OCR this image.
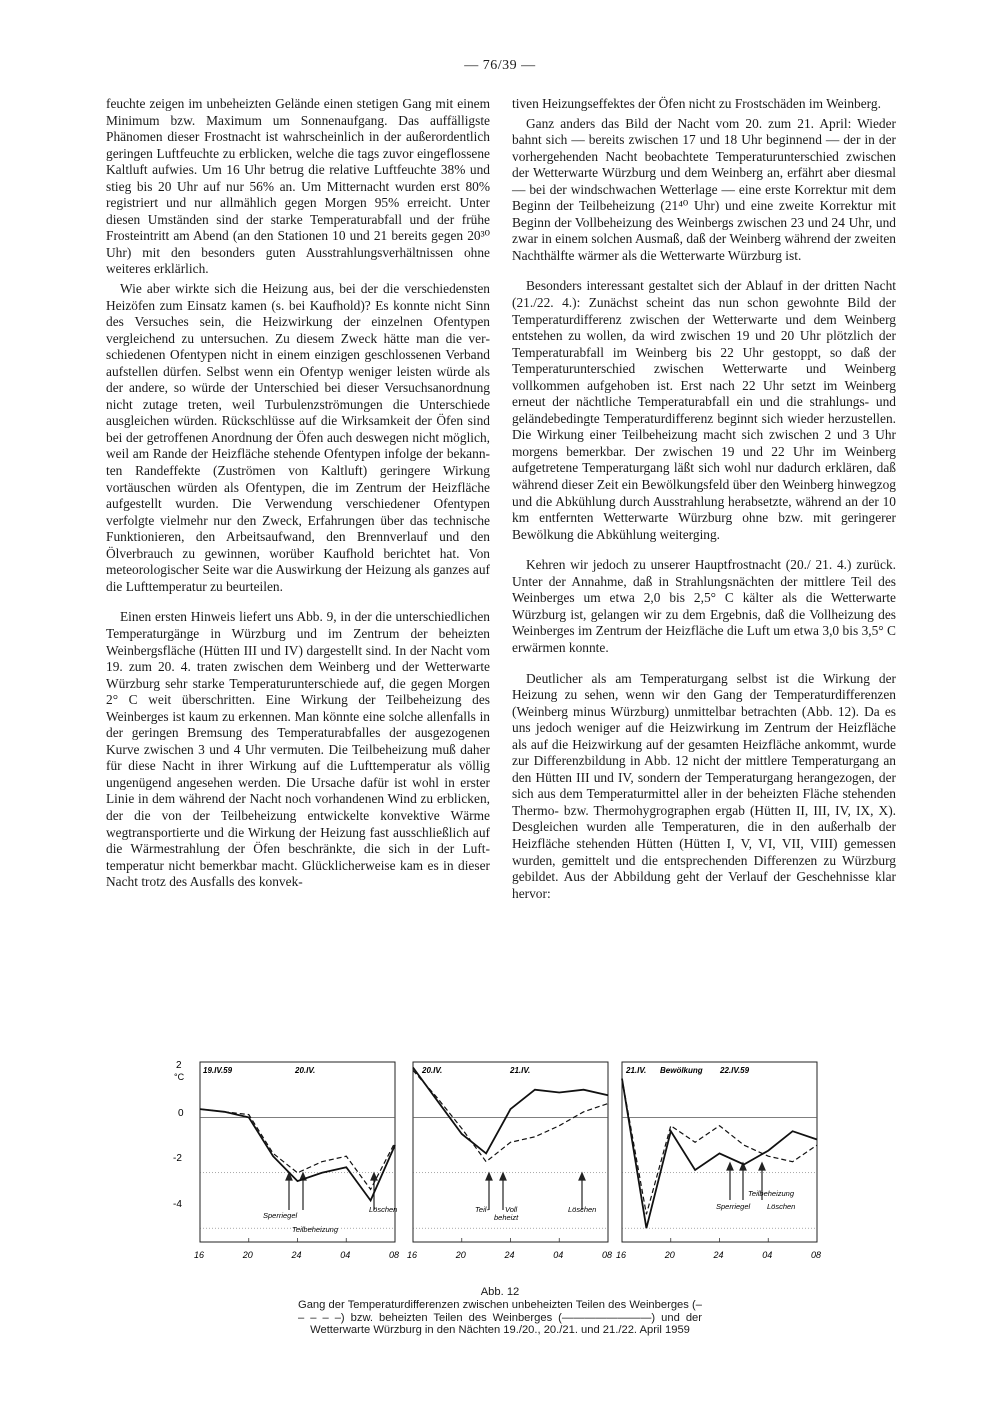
— 76/39 —

feuchte zeigen im unbeheizten Gelände einen stetigen Gang mit einem Minimum bzw. Maximum um Sonnenaufgang. Das auffälligste Phänomen dieser Frostnacht ist wahrscheinlich in der außerordentlich geringen Luftfeuchte zu erblicken, welche die tags zuvor eingeflossene Kaltluft aufwies. Um 16 Uhr betrug die relative Luftfeuchte 38% und stieg bis 20 Uhr auf nur 56% an. Um Mitternacht wurden erst 80% registriert und nur allmählich gegen Morgen 95% erreicht. Unter diesen Umständen sind der starke Temperaturabfall und der frühe Frosteintritt am Abend (an den Stationen 10 und 21 bereits gegen 20³⁰ Uhr) mit den besonders guten Ausstrahlungsverhältnissen ohne weiteres erklärlich.

Wie aber wirkte sich die Heizung aus, bei der die verschiedensten Heizöfen zum Einsatz kamen (s. bei Kaufhold)? Es konnte nicht Sinn des Versuches sein, die Heizwirkung der einzelnen Ofentypen vergleichend zu untersuchen. Zu diesem Zweck hätte man die verschiedenen Ofentypen nicht in einem einzigen geschlossenen Verband aufstellen dürfen. Selbst wenn ein Ofentyp weniger leisten würde als der andere, so würde der Unterschied bei dieser Versuchsanordnung nicht zutage treten, weil Turbulenzströmungen die Unterschiede ausgleichen würden. Rückschlüsse auf die Wirksamkeit der Öfen sind bei der getroffenen Anordnung der Öfen auch deswegen nicht möglich, weil am Rande der Heizfläche stehende Ofentypen infolge der bekannten Randeffekte (Zuströmen von Kaltluft) geringere Wirkung vortäuschen würden als Ofentypen, die im Zentrum der Heizfläche aufgestellt wurden. Die Verwendung verschiedener Ofentypen verfolgte vielmehr nur den Zweck, Erfahrungen über das technische Funktionieren, den Arbeitsaufwand, den Brennverlauf und den Ölverbrauch zu gewinnen, worüber Kaufhold berichtet hat. Von meteorologischer Seite war die Auswirkung der Heizung als ganzes auf die Lufttemperatur zu beurteilen.

Einen ersten Hinweis liefert uns Abb. 9, in der die unterschiedlichen Temperaturgänge in Würzburg und im Zentrum der beheizten Weinbergsfläche (Hütten III und IV) dargestellt sind. In der Nacht vom 19. zum 20. 4. traten zwischen dem Weinberg und der Wetterwarte Würzburg sehr starke Temperaturunterschiede auf, die gegen Morgen 2° C weit überschritten. Eine Wirkung der Teilbeheizung des Weinberges ist kaum zu erkennen. Man könnte eine solche allenfalls in der geringen Bremsung des Temperaturabfalles der ausgezogenen Kurve zwischen 3 und 4 Uhr vermuten. Die Teilbeheizung muß daher für diese Nacht in ihrer Wirkung auf die Lufttemperatur als völlig ungenügend angesehen werden. Die Ursache dafür ist wohl in erster Linie in dem während der Nacht noch vorhandenen Wind zu erblicken, der die von der Teilbeheizung entwickelte konvektive Wärme wegtransportierte und die Wirkung der Heizung fast ausschließlich auf die Wärmestrahlung der Öfen beschränkte, die sich in der Lufttemperatur nicht bemerkbar macht. Glücklicherweise kam es in dieser Nacht trotz des Ausfalls des konvek-

tiven Heizungseffektes der Öfen nicht zu Frostschäden im Weinberg.

Ganz anders das Bild der Nacht vom 20. zum 21. April: Wieder bahnt sich — bereits zwischen 17 und 18 Uhr beginnend — der in der vorhergehenden Nacht beobachtete Temperaturunterschied zwischen der Wetterwarte Würzburg und dem Weinberg an, erfährt aber diesmal — bei der windschwachen Wetterlage — eine erste Korrektur mit dem Beginn der Teilbeheizung (21⁴⁰ Uhr) und eine zweite Korrektur mit Beginn der Vollbeheizung des Weinbergs zwischen 23 und 24 Uhr, und zwar in einem solchen Ausmaß, daß der Weinberg während der zweiten Nachthälfte wärmer als die Wetterwarte Würzburg ist.

Besonders interessant gestaltet sich der Ablauf in der dritten Nacht (21./22. 4.): Zunächst scheint das nun schon gewohnte Bild der Temperaturdifferenz zwischen der Wetterwarte und dem Weinberg entstehen zu wollen, da wird zwischen 19 und 20 Uhr plötzlich der Temperaturabfall im Weinberg bis 22 Uhr gestoppt, so daß der Temperaturunterschied zwischen Wetterwarte und Weinberg vollkommen aufgehoben ist. Erst nach 22 Uhr setzt im Weinberg erneut der nächtliche Temperaturabfall ein und die strahlungs- und geländebedingte Temperaturdifferenz beginnt sich wieder herzustellen. Die Wirkung einer Teilbeheizung macht sich zwischen 2 und 3 Uhr morgens bemerkbar. Der zwischen 19 und 22 Uhr im Weinberg aufgetretene Temperaturgang läßt sich wohl nur dadurch erklären, daß während dieser Zeit ein Bewölkungsfeld über den Weinberg hinwegzog und die Abkühlung durch Ausstrahlung herabsetzte, während an der 10 km entfernten Wetterwarte Würzburg ohne bzw. mit geringerer Bewölkung die Abkühlung weiterging.

Kehren wir jedoch zu unserer Hauptfrostnacht (20./ 21. 4.) zurück. Unter der Annahme, daß in Strahlungsnächten der mittlere Teil des Weinberges um etwa 2,0 bis 2,5° C kälter als die Wetterwarte Würzburg ist, gelangen wir zu dem Ergebnis, daß die Vollheizung des Weinberges im Zentrum der Heizfläche die Luft um etwa 3,0 bis 3,5° C erwärmen konnte.

Deutlicher als am Temperaturgang selbst ist die Wirkung der Heizung zu sehen, wenn wir den Gang der Temperaturdifferenzen (Weinberg minus Würzburg) unmittelbar betrachten (Abb. 12). Da es uns jedoch weniger auf die Heizwirkung im Zentrum der Heizfläche als auf die Heizwirkung auf der gesamten Heizfläche ankommt, wurde zur Differenzbildung in Abb. 12 nicht der mittlere Temperaturgang an den Hütten III und IV, sondern der Temperaturgang herangezogen, der sich aus dem Temperaturmittel aller in der beheizten Fläche stehenden Thermo- bzw. Thermohygrographen ergab (Hütten II, III, IV, IX, X). Desgleichen wurden alle Temperaturen, die in den außerhalb der Heizfläche stehenden Hütten (Hütten I, V, VI, VII, VIII) gemessen wurden, gemittelt und die entsprechenden Differenzen zu Würzburg gebildet. Aus der Abbildung geht der Verlauf der Geschehnisse klar hervor:

2
°C
0
-2
-4
19.IV.59	20.IV.	20.IV.	21.IV.	21.IV. Bewölkung 22.IV.59
16	20	24	04	08 16	20	24	04	08 16	20	24	04	08
Sperriegel
Löschen
Teilbeheizung
Teil- Voll
beheizt
Löschen
Teilbeheizung
Sperriegel Löschen
Abb. 12
Gang der Temperaturdifferenzen zwischen unbeheizten Teilen des Weinberges (– – – – –) bzw. beheizten Teilen des Weinberges (————————) und der Wetterwarte Würzburg in den Nächten 19./20., 20./21. und 21./22. April 1959
